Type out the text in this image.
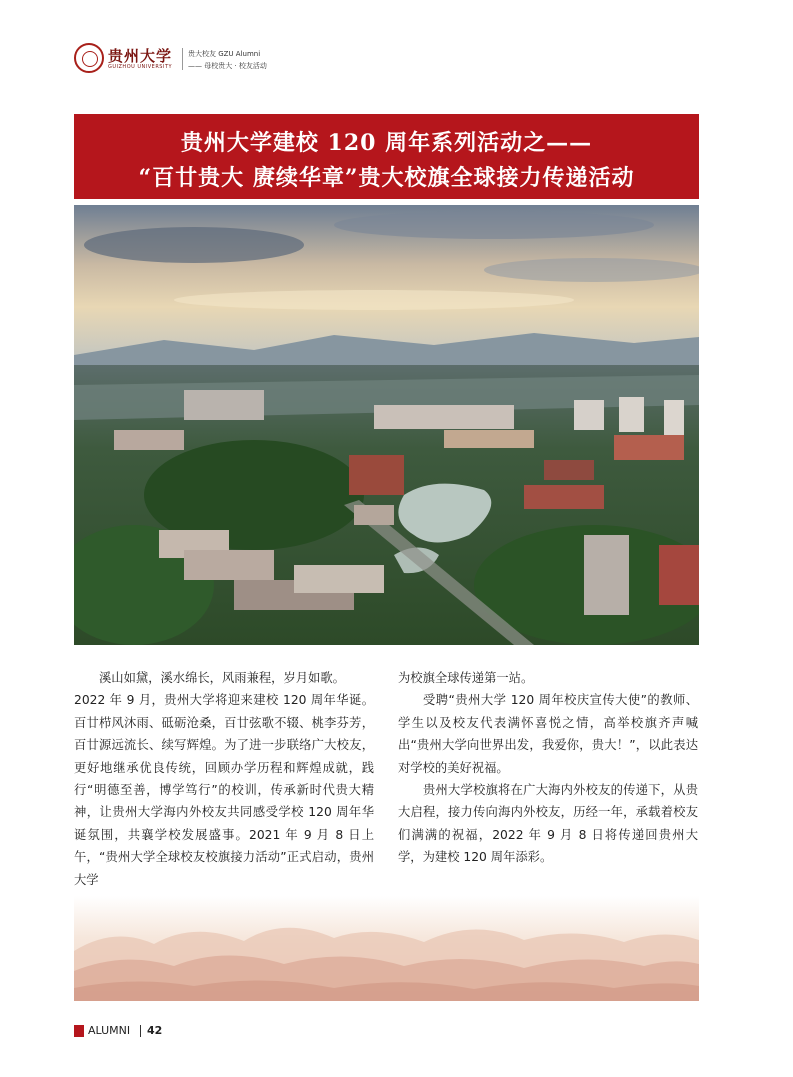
贵州大学
GUIZHOU UNIVERSITY
贵大校友 GZU Alumni
—— 母校贵大 · 校友活动
贵州大学建校 120 周年系列活动之——
“百廿贵大 赓续华章”贵大校旗全球接力传递活动

溪山如黛，溪水绵长，风雨兼程，岁月如歌。

2022 年 9 月，贵州大学将迎来建校 120 周年华诞。百廿栉风沐雨、砥砺沧桑，百廿弦歌不辍、桃李芬芳，百廿源远流长、续写辉煌。为了进一步联络广大校友，更好地继承优良传统，回顾办学历程和辉煌成就，践行“明德至善，博学笃行”的校训，传承新时代贵大精神，让贵州大学海内外校友共同感受学校 120 周年华诞氛围，共襄学校发展盛事。2021 年 9 月 8 日上午，“贵州大学全球校友校旗接力活动”正式启动，贵州大学

为校旗全球传递第一站。

受聘“贵州大学 120 周年校庆宣传大使”的教师、学生以及校友代表满怀喜悦之情，高举校旗齐声喊出“贵州大学向世界出发，我爱你，贵大！”，以此表达对学校的美好祝福。

贵州大学校旗将在广大海内外校友的传递下，从贵大启程，接力传向海内外校友，历经一年，承载着校友们满满的祝福，2022 年 9 月 8 日将传递回贵州大学，为建校 120 周年添彩。

ALUMNI 42
